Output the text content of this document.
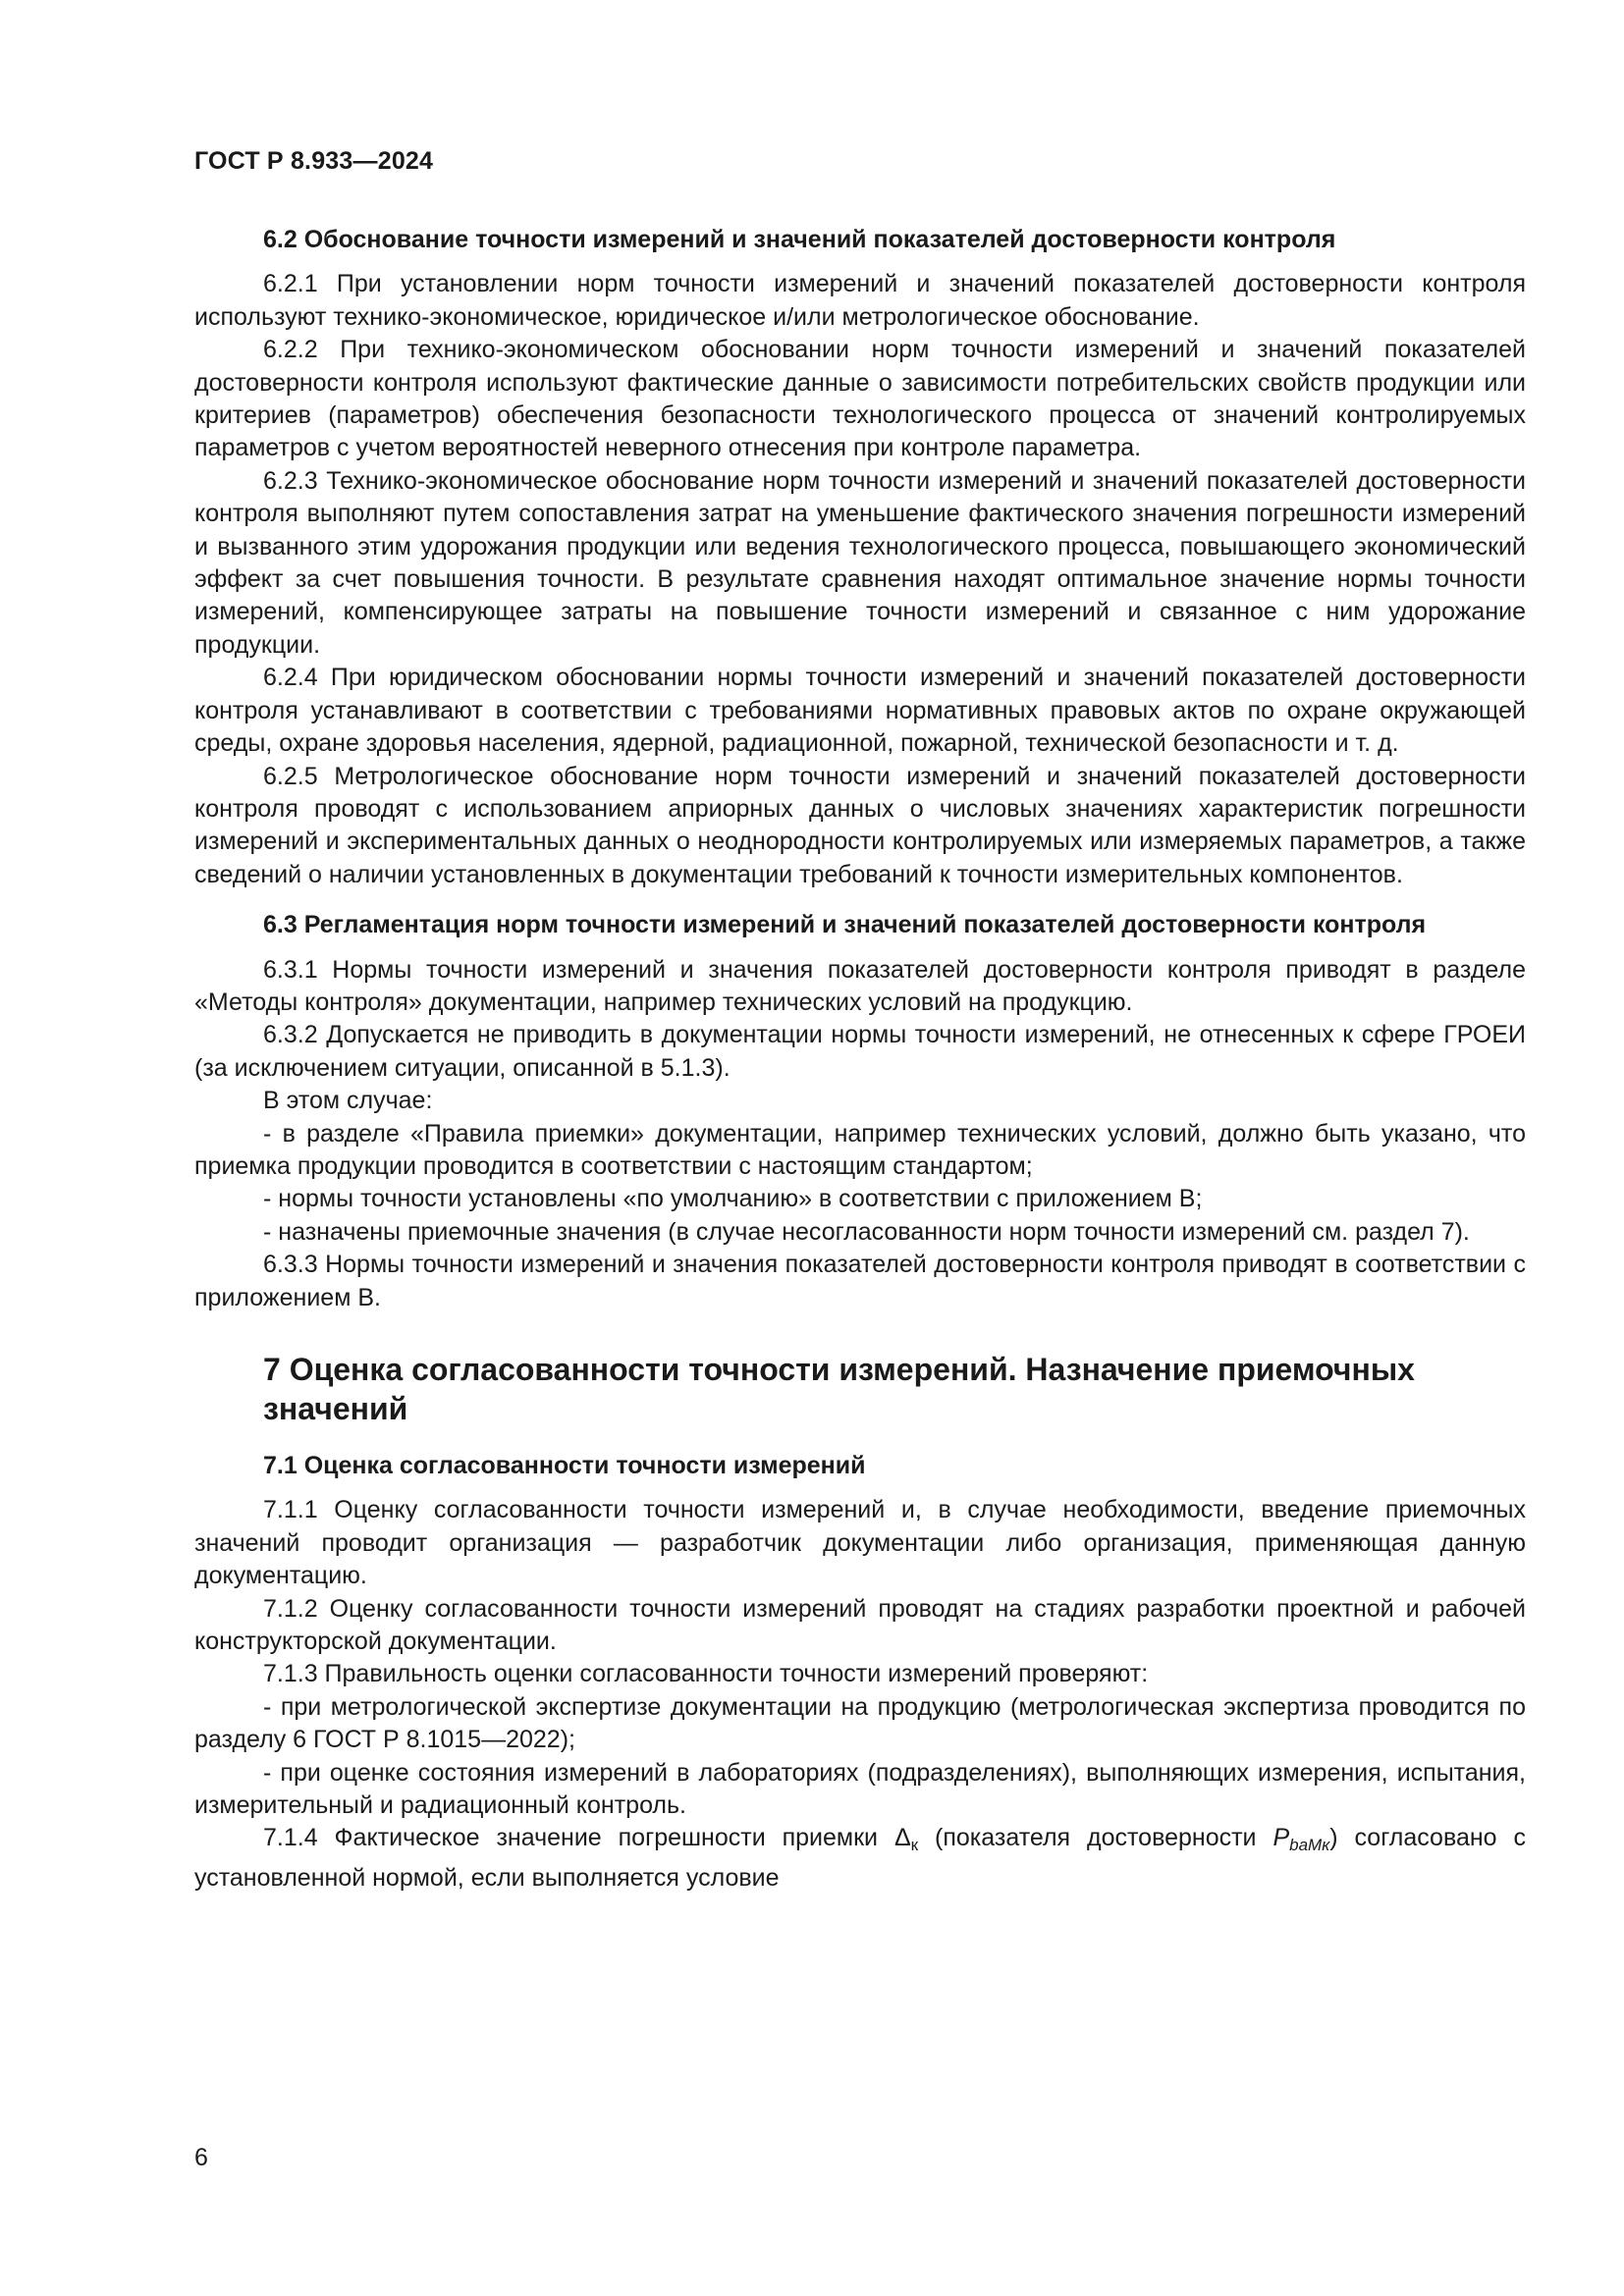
ГОСТ Р 8.933—2024
6.2 Обоснование точности измерений и значений показателей достоверности контроля

6.2.1 При установлении норм точности измерений и значений показателей достоверности контроля используют технико-экономическое, юридическое и/или метрологическое обоснование.

6.2.2 При технико-экономическом обосновании норм точности измерений и значений показателей достоверности контроля используют фактические данные о зависимости потребительских свойств продукции или критериев (параметров) обеспечения безопасности технологического процесса от значений контролируемых параметров с учетом вероятностей неверного отнесения при контроле параметра.

6.2.3 Технико-экономическое обоснование норм точности измерений и значений показателей достоверности контроля выполняют путем сопоставления затрат на уменьшение фактического значения погрешности измерений и вызванного этим удорожания продукции или ведения технологического процесса, повышающего экономический эффект за счет повышения точности. В результате сравнения находят оптимальное значение нормы точности измерений, компенсирующее затраты на повышение точности измерений и связанное с ним удорожание продукции.

6.2.4 При юридическом обосновании нормы точности измерений и значений показателей достоверности контроля устанавливают в соответствии с требованиями нормативных правовых актов по охране окружающей среды, охране здоровья населения, ядерной, радиационной, пожарной, технической безопасности и т. д.

6.2.5 Метрологическое обоснование норм точности измерений и значений показателей достоверности контроля проводят с использованием априорных данных о числовых значениях характеристик погрешности измерений и экспериментальных данных о неоднородности контролируемых или измеряемых параметров, а также сведений о наличии установленных в документации требований к точности измерительных компонентов.

6.3 Регламентация норм точности измерений и значений показателей достоверности контроля

6.3.1 Нормы точности измерений и значения показателей достоверности контроля приводят в разделе «Методы контроля» документации, например технических условий на продукцию.

6.3.2 Допускается не приводить в документации нормы точности измерений, не отнесенных к сфере ГРОЕИ (за исключением ситуации, описанной в 5.1.3).

В этом случае:

- в разделе «Правила приемки» документации, например технических условий, должно быть указано, что приемка продукции проводится в соответствии с настоящим стандартом;

- нормы точности установлены «по умолчанию» в соответствии с приложением В;

- назначены приемочные значения (в случае несогласованности норм точности измерений см. раздел 7).

6.3.3 Нормы точности измерений и значения показателей достоверности контроля приводят в соответствии с приложением В.

7 Оценка согласованности точности измерений. Назначение приемочных значений
7.1 Оценка согласованности точности измерений

7.1.1 Оценку согласованности точности измерений и, в случае необходимости, введение приемочных значений проводит организация — разработчик документации либо организация, применяющая данную документацию.

7.1.2 Оценку согласованности точности измерений проводят на стадиях разработки проектной и рабочей конструкторской документации.

7.1.3 Правильность оценки согласованности точности измерений проверяют:

- при метрологической экспертизе документации на продукцию (метрологическая экспертиза проводится по разделу 6 ГОСТ Р 8.1015—2022);

- при оценке состояния измерений в лабораториях (подразделениях), выполняющих измерения, испытания, измерительный и радиационный контроль.

7.1.4 Фактическое значение погрешности приемки $\Delta_к$ (показателя достоверности $P_{baMк}$) согласовано с установленной нормой, если выполняется условие

6
